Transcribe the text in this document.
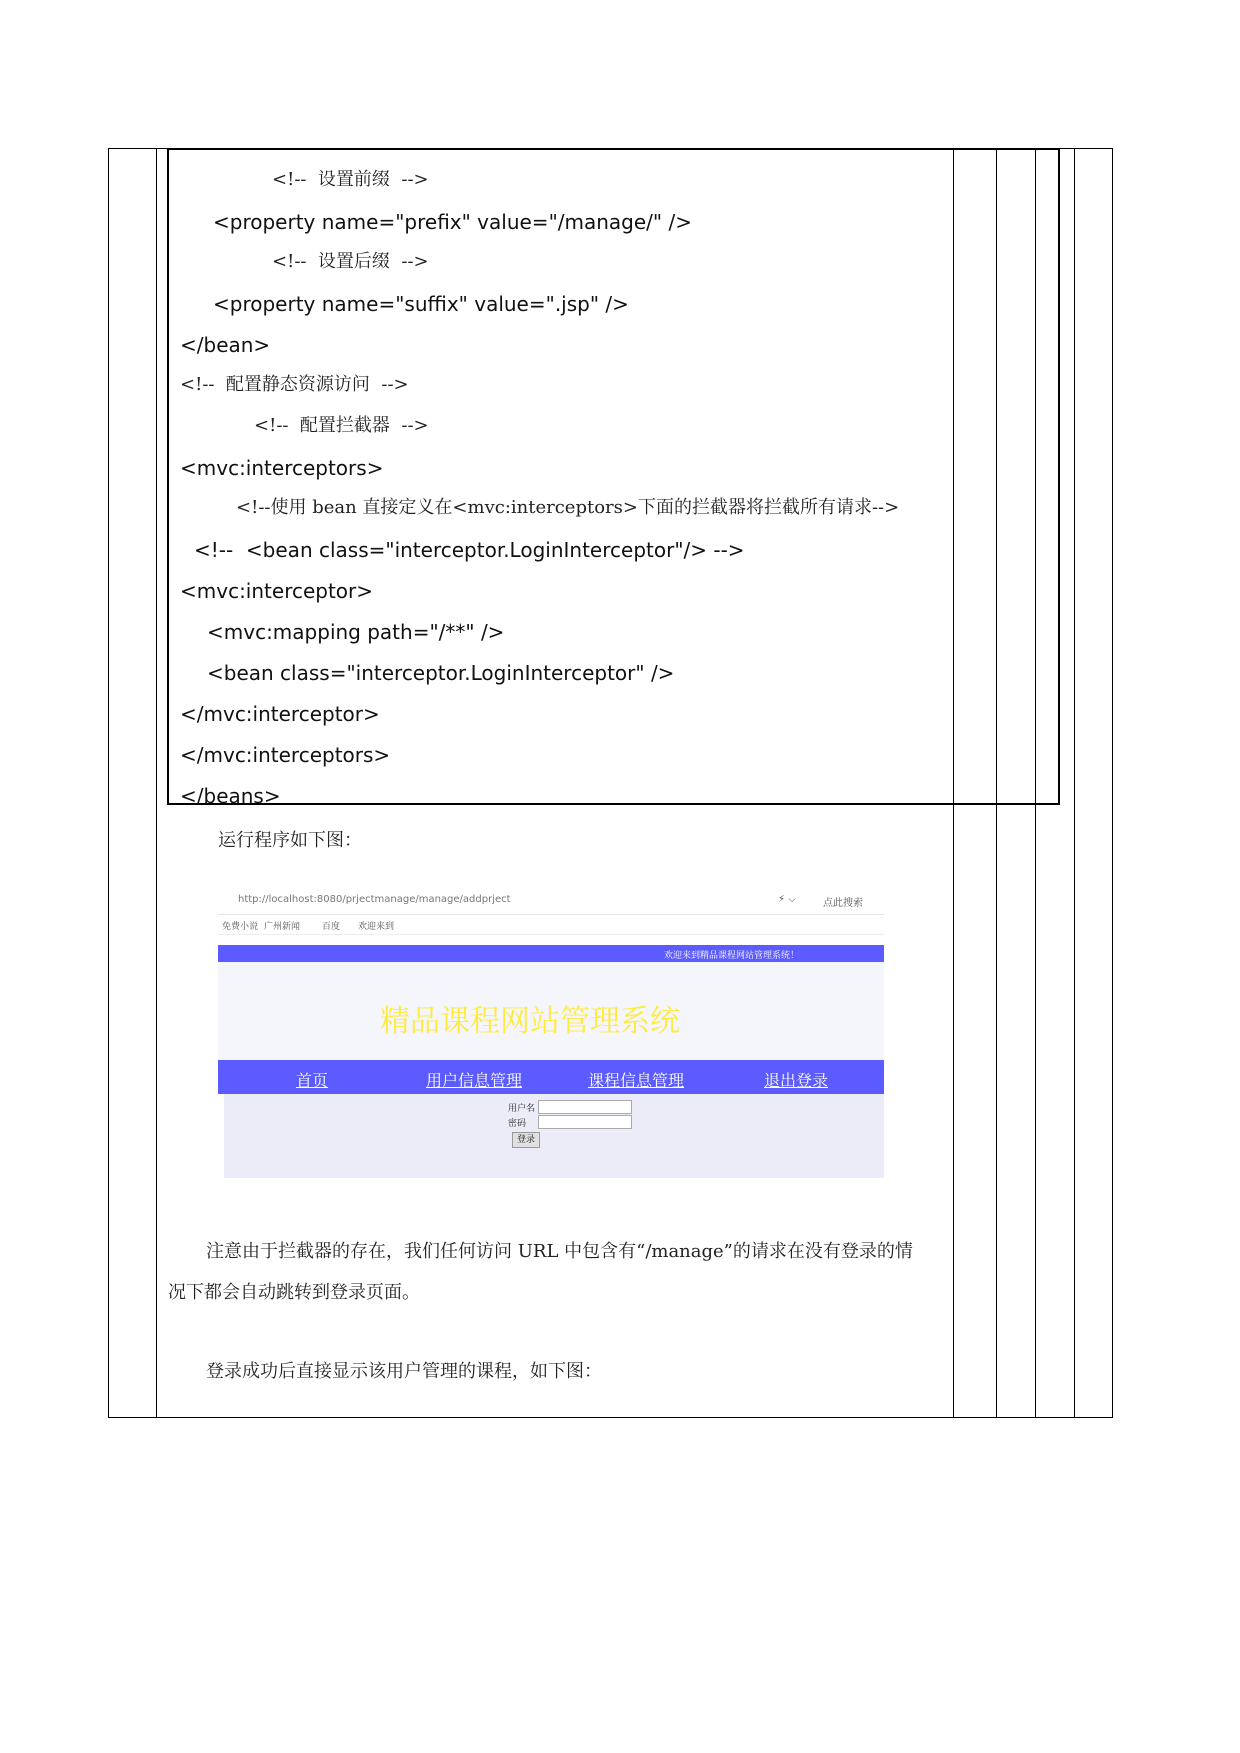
<!--  设置前缀  -->
<property name="prefix" value="/manage/" />
<!--  设置后缀  -->
<property name="suffix" value=".jsp" />
</bean>
<!--  配置静态资源访问  -->
<!--  配置拦截器  -->
<mvc:interceptors>
<!--使用 bean 直接定义在<mvc:interceptors>下面的拦截器将拦截所有请求-->
<!--  <bean class="interceptor.LoginInterceptor"/> -->
<mvc:interceptor>
<mvc:mapping path="/**" />
<bean class="interceptor.LoginInterceptor" />
</mvc:interceptor>
</mvc:interceptors>
</beans>
运行程序如下图：
http://localhost:8080/prjectmanage/manage/addprject	⚡ ⌵	点此搜索
免费小说 广州新闻 百度 欢迎来到
欢迎来到精品课程网站管理系统！
精品课程网站管理系统
首页	用户信息管理	课程信息管理	退出登录
用户名
密码
登录
注意由于拦截器的存在，我们任何访问 URL 中包含有“/manage”的请求在没有登录的情
况下都会自动跳转到登录页面。
登录成功后直接显示该用户管理的课程，如下图：
